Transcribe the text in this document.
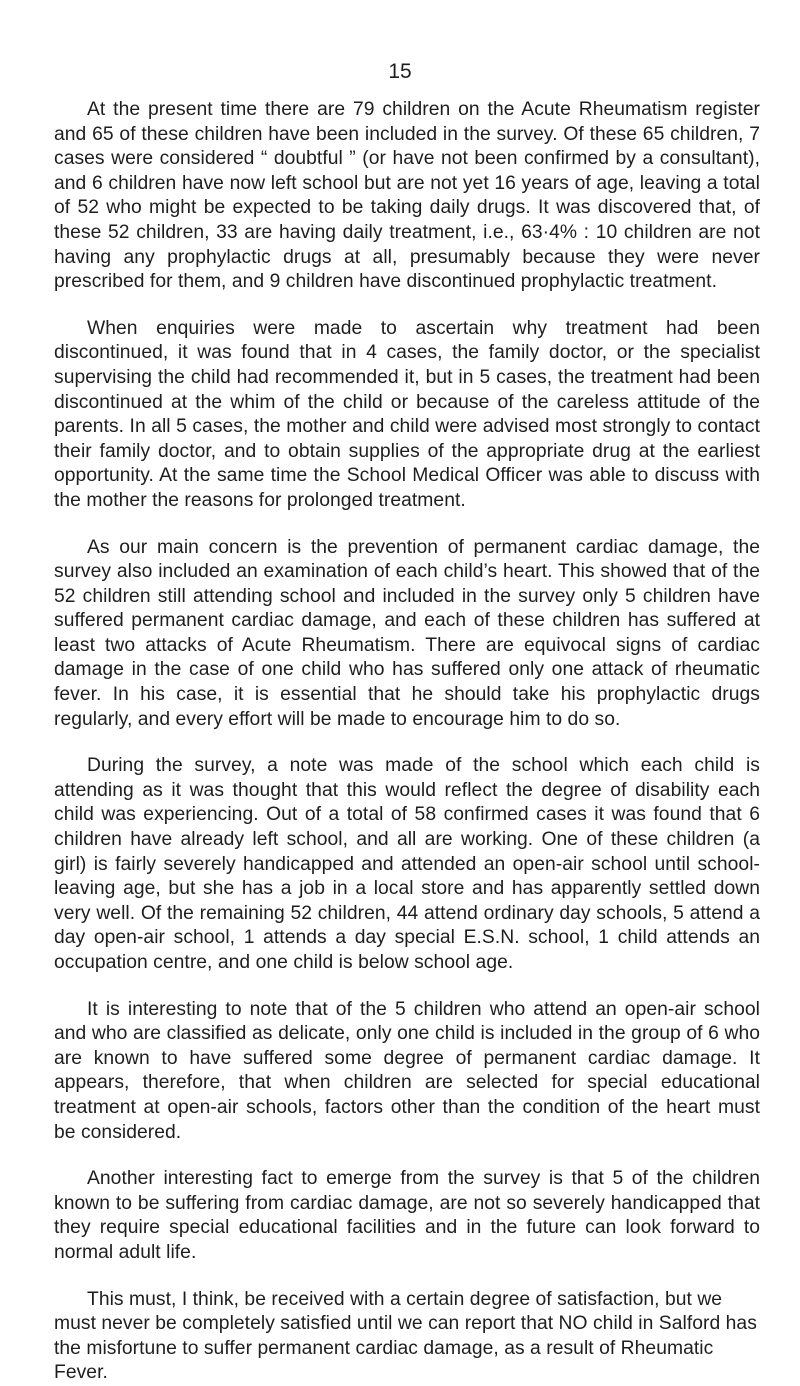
15

At the present time there are 79 children on the Acute Rheumatism register and 65 of these children have been included in the survey. Of these 65 children, 7 cases were considered “ doubtful ” (or have not been confirmed by a consultant), and 6 children have now left school but are not yet 16 years of age, leaving a total of 52 who might be expected to be taking daily drugs. It was discovered that, of these 52 children, 33 are having daily treatment, i.e., 63·4% : 10 children are not having any prophylactic drugs at all, presumably because they were never prescribed for them, and 9 children have discontinued prophylactic treatment.

When enquiries were made to ascertain why treatment had been discontinued, it was found that in 4 cases, the family doctor, or the specialist supervising the child had recommended it, but in 5 cases, the treatment had been discontinued at the whim of the child or because of the careless attitude of the parents. In all 5 cases, the mother and child were advised most strongly to contact their family doctor, and to obtain supplies of the appropriate drug at the earliest opportunity. At the same time the School Medical Officer was able to discuss with the mother the reasons for prolonged treatment.

As our main concern is the prevention of permanent cardiac damage, the survey also included an examination of each child’s heart. This showed that of the 52 children still attending school and included in the survey only 5 children have suffered permanent cardiac damage, and each of these children has suffered at least two attacks of Acute Rheumatism. There are equivocal signs of cardiac damage in the case of one child who has suffered only one attack of rheumatic fever. In his case, it is essential that he should take his prophylactic drugs regularly, and every effort will be made to encourage him to do so.

During the survey, a note was made of the school which each child is attending as it was thought that this would reflect the degree of disability each child was experiencing. Out of a total of 58 confirmed cases it was found that 6 children have already left school, and all are working. One of these children (a girl) is fairly severely handicapped and attended an open-air school until school-leaving age, but she has a job in a local store and has apparently settled down very well. Of the remaining 52 children, 44 attend ordinary day schools, 5 attend a day open-air school, 1 attends a day special E.S.N. school, 1 child attends an occupation centre, and one child is below school age.

It is interesting to note that of the 5 children who attend an open-air school and who are classified as delicate, only one child is included in the group of 6 who are known to have suffered some degree of permanent cardiac damage. It appears, therefore, that when children are selected for special educational treatment at open-air schools, factors other than the condition of the heart must be considered.

Another interesting fact to emerge from the survey is that 5 of the children known to be suffering from cardiac damage, are not so severely handicapped that they require special educational facilities and in the future can look forward to normal adult life.

This must, I think, be received with a certain degree of satisfaction, but we must never be completely satisfied until we can report that NO child in Salford has the misfortune to suffer permanent cardiac damage, as a result of Rheumatic Fever.
